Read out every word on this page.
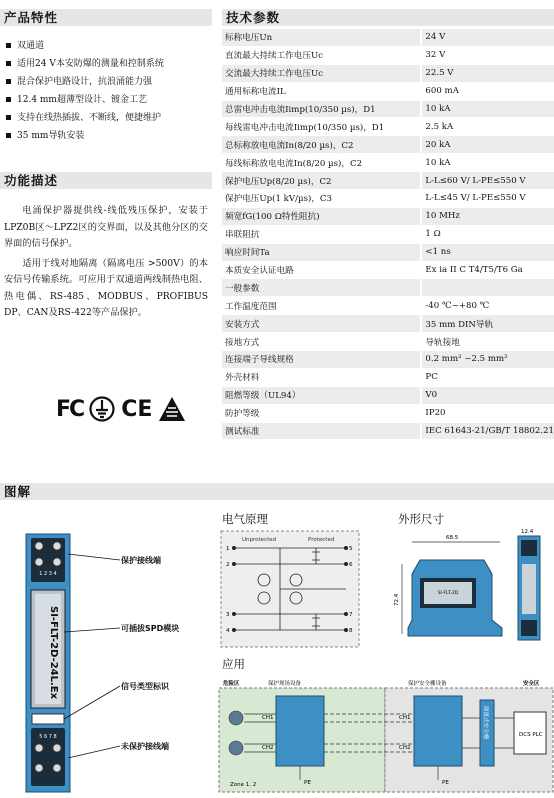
产品特性
双通道
适用24 V本安防爆的测量和控制系统
混合保护电路设计，抗浪涌能力强
12.4 mm超薄型设计、镀金工艺
支持在线热插拔、不断线，便捷维护
35 mm导轨安装
功能描述

电涌保护器提供线-线低残压保护，安装于LPZ0B区～LPZ2区的交界面，以及其他分区的交界面的信号保护。

适用于线对地隔离（隔离电压 >500V）的本安信号传输系统。可应用于双通道两线制热电阻、热电偶、RS-485、MODBUS、PROFIBUS DP、CAN及RS-422等产品保护。

FC CE
技术参数
标称电压Un	24 V
直流最大持续工作电压Uc	32 V
交流最大持续工作电压Uc	22.5 V
通用标称电流IL	600 mA
总雷电冲击电流Iimp(10/350 µs)，D1	10 kA
每线雷电冲击电流Iimp(10/350 µs)，D1	2.5 kA
总标称放电电流In(8/20 µs)，C2	20 kA
每线标称放电电流In(8/20 µs)，C2	10 kA
保护电压Up(8/20 µs)，C2	L-L≤60 V/ L-PE≤550 V
保护电压Up(1 kV/µs)，C3	L-L≤45 V/ L-PE≤550 V
频宽fG(100 Ω特性阻抗)	10 MHz
串联阻抗	1 Ω
响应时间Ta	<1 ns
本质安全认证电路	Ex ia II C T4/T5/T6 Ga
一般参数	
工作温度范围	-40 ℃~+80 ℃
安装方式	35 mm DIN导轨
接地方式	导轨接地
连接端子导线规格	0.2 mm² ~2.5 mm²
外壳材料	PC
阻燃等级（UL94）	V0
防护等级	IP20
测试标准	IEC 61643-21/GB/T 18802.21
图解
1 2 3 4
SI-FLT-2D-24L.Ex
5 6 7 8
保护接线端
可插拔SPD模块
信号类型标识
未保护接线端
电气原理
Unprotected	Protected
1
2
3
4
5
6
7
8
外形尺寸
68.5
72.4
SI-FLT-2D
12.4
应用
危险区	安全区
保护现场设备	保护安全栅设备
CH1
CH2
CH1
CH2
隔离式安全栅	DCS PLC
Zone 1, 2	PE	PE
